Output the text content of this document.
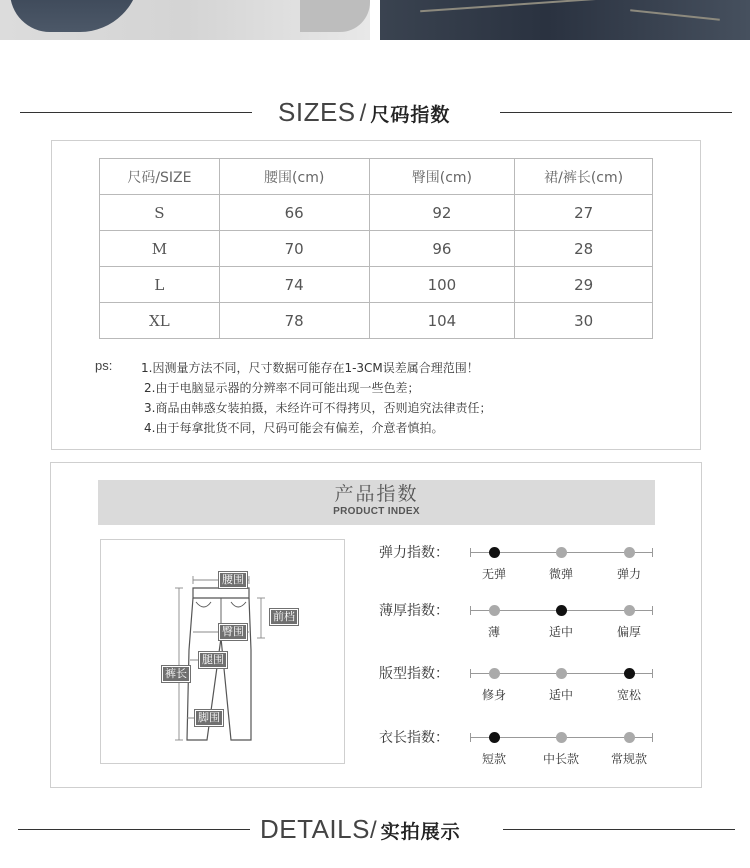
SIZES / 尺码指数
尺码/SIZE	腰围(cm)	臀围(cm)	裙/裤长(cm)
S	66	92	27
M	70	96	28
L	74	100	29
XL	78	104	30
ps: 1.因测量方法不同，尺寸数据可能存在1-3CM误差属合理范围！
2.由于电脑显示器的分辨率不同可能出现一些色差；
3.商品由韩惑女装拍摄，未经许可不得拷贝，否则追究法律责任；
4.由于每拿批货不同，尺码可能会有偏差，介意者慎拍。
产品指数
PRODUCT INDEX
腰围
前档
臀围
腿围
裤长
脚围
弹力指数：
无弹	微弹	弹力
薄厚指数：
薄	适中	偏厚
版型指数：
修身	适中	宽松
衣长指数：
短款	中长款	常规款
DETAILS/ 实拍展示
